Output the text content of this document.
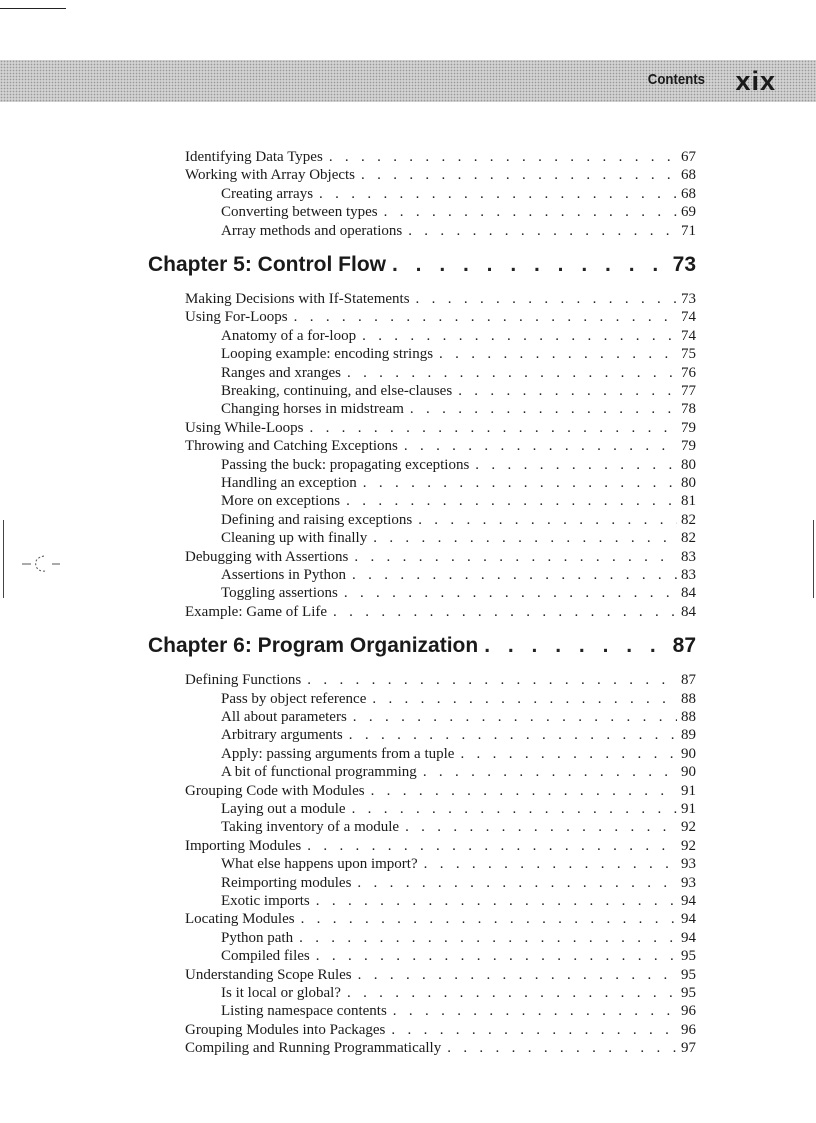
Contents xix
Identifying Data Types . . .	67
Working with Array Objects . . .	68
Creating arrays . . .	68
Converting between types . . .	69
Array methods and operations . . .	71
Chapter 5: Control Flow . . .	73
Making Decisions with If-Statements . . .	73
Using For-Loops . . .	74
Anatomy of a for-loop . . .	74
Looping example: encoding strings . . .	75
Ranges and xranges . . .	76
Breaking, continuing, and else-clauses . . .	77
Changing horses in midstream . . .	78
Using While-Loops . . .	79
Throwing and Catching Exceptions . . .	79
Passing the buck: propagating exceptions . . .	80
Handling an exception . . .	80
More on exceptions . . .	81
Defining and raising exceptions . . .	82
Cleaning up with finally . . .	82
Debugging with Assertions . . .	83
Assertions in Python . . .	83
Toggling assertions . . .	84
Example: Game of Life . . .	84
Chapter 6: Program Organization . . .	87
Defining Functions . . .	87
Pass by object reference . . .	88
All about parameters . . .	88
Arbitrary arguments . . .	89
Apply: passing arguments from a tuple . . .	90
A bit of functional programming . . .	90
Grouping Code with Modules . . .	91
Laying out a module . . .	91
Taking inventory of a module . . .	92
Importing Modules . . .	92
What else happens upon import? . . .	93
Reimporting modules . . .	93
Exotic imports . . .	94
Locating Modules . . .	94
Python path . . .	94
Compiled files . . .	95
Understanding Scope Rules . . .	95
Is it local or global? . . .	95
Listing namespace contents . . .	96
Grouping Modules into Packages . . .	96
Compiling and Running Programmatically . . .	97
